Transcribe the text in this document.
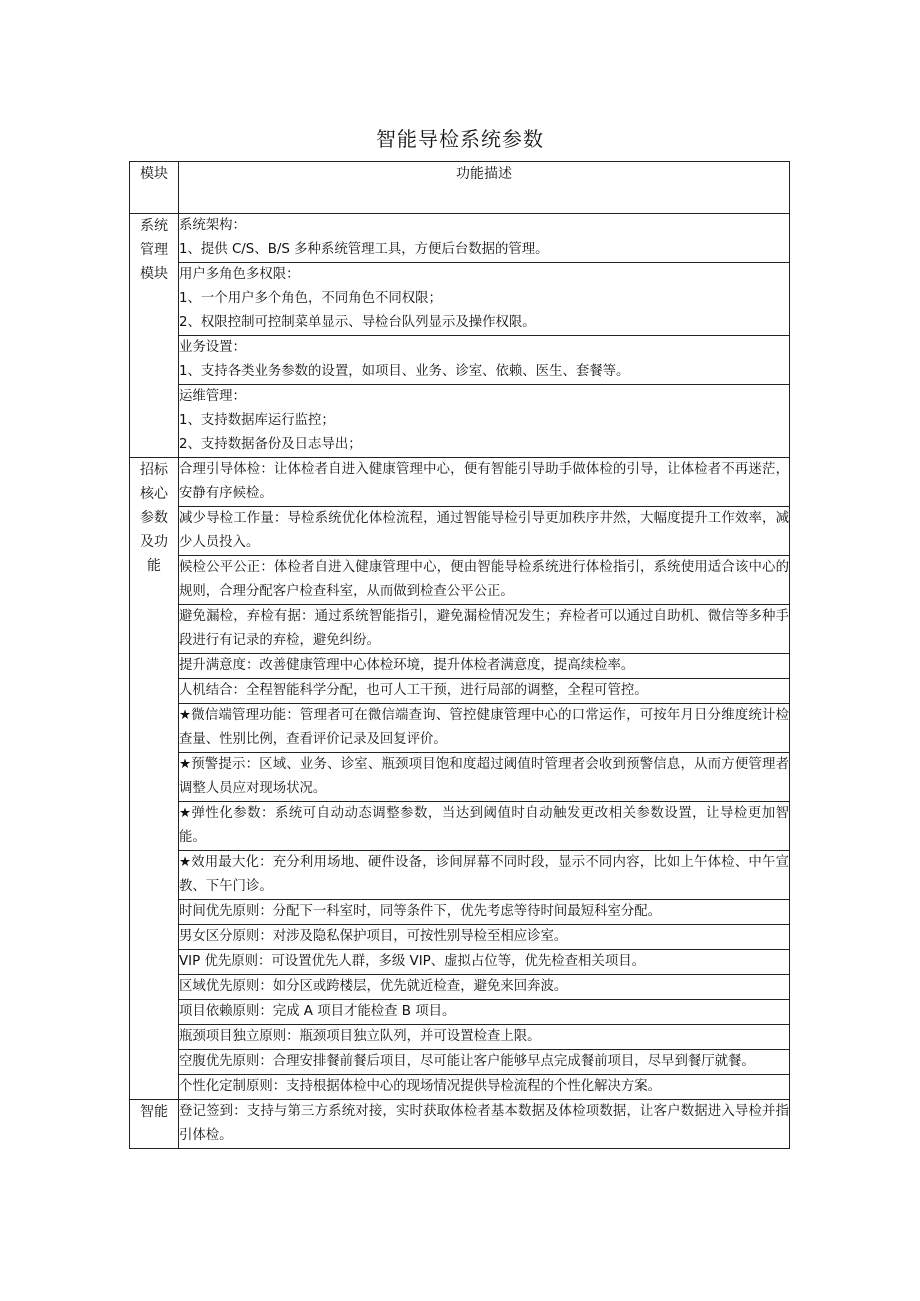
智能导检系统参数
模块	功能描述

系统管理模块	系统架构：
1、提供 C/S、B/S 多种系统管理工具，方便后台数据的管理。

	用户多角色多权限：
1、一个用户多个角色，不同角色不同权限；
2、权限控制可控制菜单显示、导检台队列显示及操作权限。

	业务设置：
1、支持各类业务参数的设置，如项目、业务、诊室、依赖、医生、套餐等。

	运维管理：
1、支持数据库运行监控；
2、支持数据备份及日志导出；

招标核心参数及功能	合理引导体检：让体检者自进入健康管理中心，便有智能引导助手做体检的引导，让体检者不再迷茫，安静有序候检。

	减少导检工作量：导检系统优化体检流程，通过智能导检引导更加秩序井然，大幅度提升工作效率，减少人员投入。

	候检公平公正：体检者自进入健康管理中心，便由智能导检系统进行体检指引，系统使用适合该中心的规则，合理分配客户检查科室，从而做到检查公平公正。

	避免漏检，弃检有据：通过系统智能指引，避免漏检情况发生；弃检者可以通过自助机、微信等多种手段进行有记录的弃检，避免纠纷。

	提升满意度：改善健康管理中心体检环境，提升体检者满意度，提高续检率。

	人机结合：全程智能科学分配，也可人工干预，进行局部的调整，全程可管控。

	★微信端管理功能：管理者可在微信端查询、管控健康管理中心的口常运作，可按年月日分维度统计检查量、性别比例，查看评价记录及回复评价。

	★预警提示：区域、业务、诊室、瓶颈项目饱和度超过阈值时管理者会收到预警信息，从而方便管理者调整人员应对现场状况。

	★弹性化参数：系统可自动动态调整参数，当达到阈值时自动触发更改相关参数设置，让导检更加智能。

	★效用最大化：充分利用场地、硬件设备，诊间屏幕不同时段，显示不同内容，比如上午体检、中午宣教、下午门诊。

	时间优先原则：分配下一科室时，同等条件下，优先考虑等待时间最短科室分配。

	男女区分原则：对涉及隐私保护项目，可按性别导检至相应诊室。

	VIP 优先原则：可设置优先人群，多级 VIP、虚拟占位等，优先检查相关项目。

	区域优先原则：如分区或跨楼层，优先就近检查，避免来回奔波。

	项目依赖原则：完成 A 项目才能检查 B 项目。

	瓶颈项目独立原则：瓶颈项目独立队列，并可设置检查上限。

	空腹优先原则：合理安排餐前餐后项目，尽可能让客户能够早点完成餐前项目，尽早到餐厅就餐。

	个性化定制原则：支持根据体检中心的现场情况提供导检流程的个性化解决方案。

智能	登记签到：支持与第三方系统对接，实时获取体检者基本数据及体检项数据，让客户数据进入导检并指引体检。
